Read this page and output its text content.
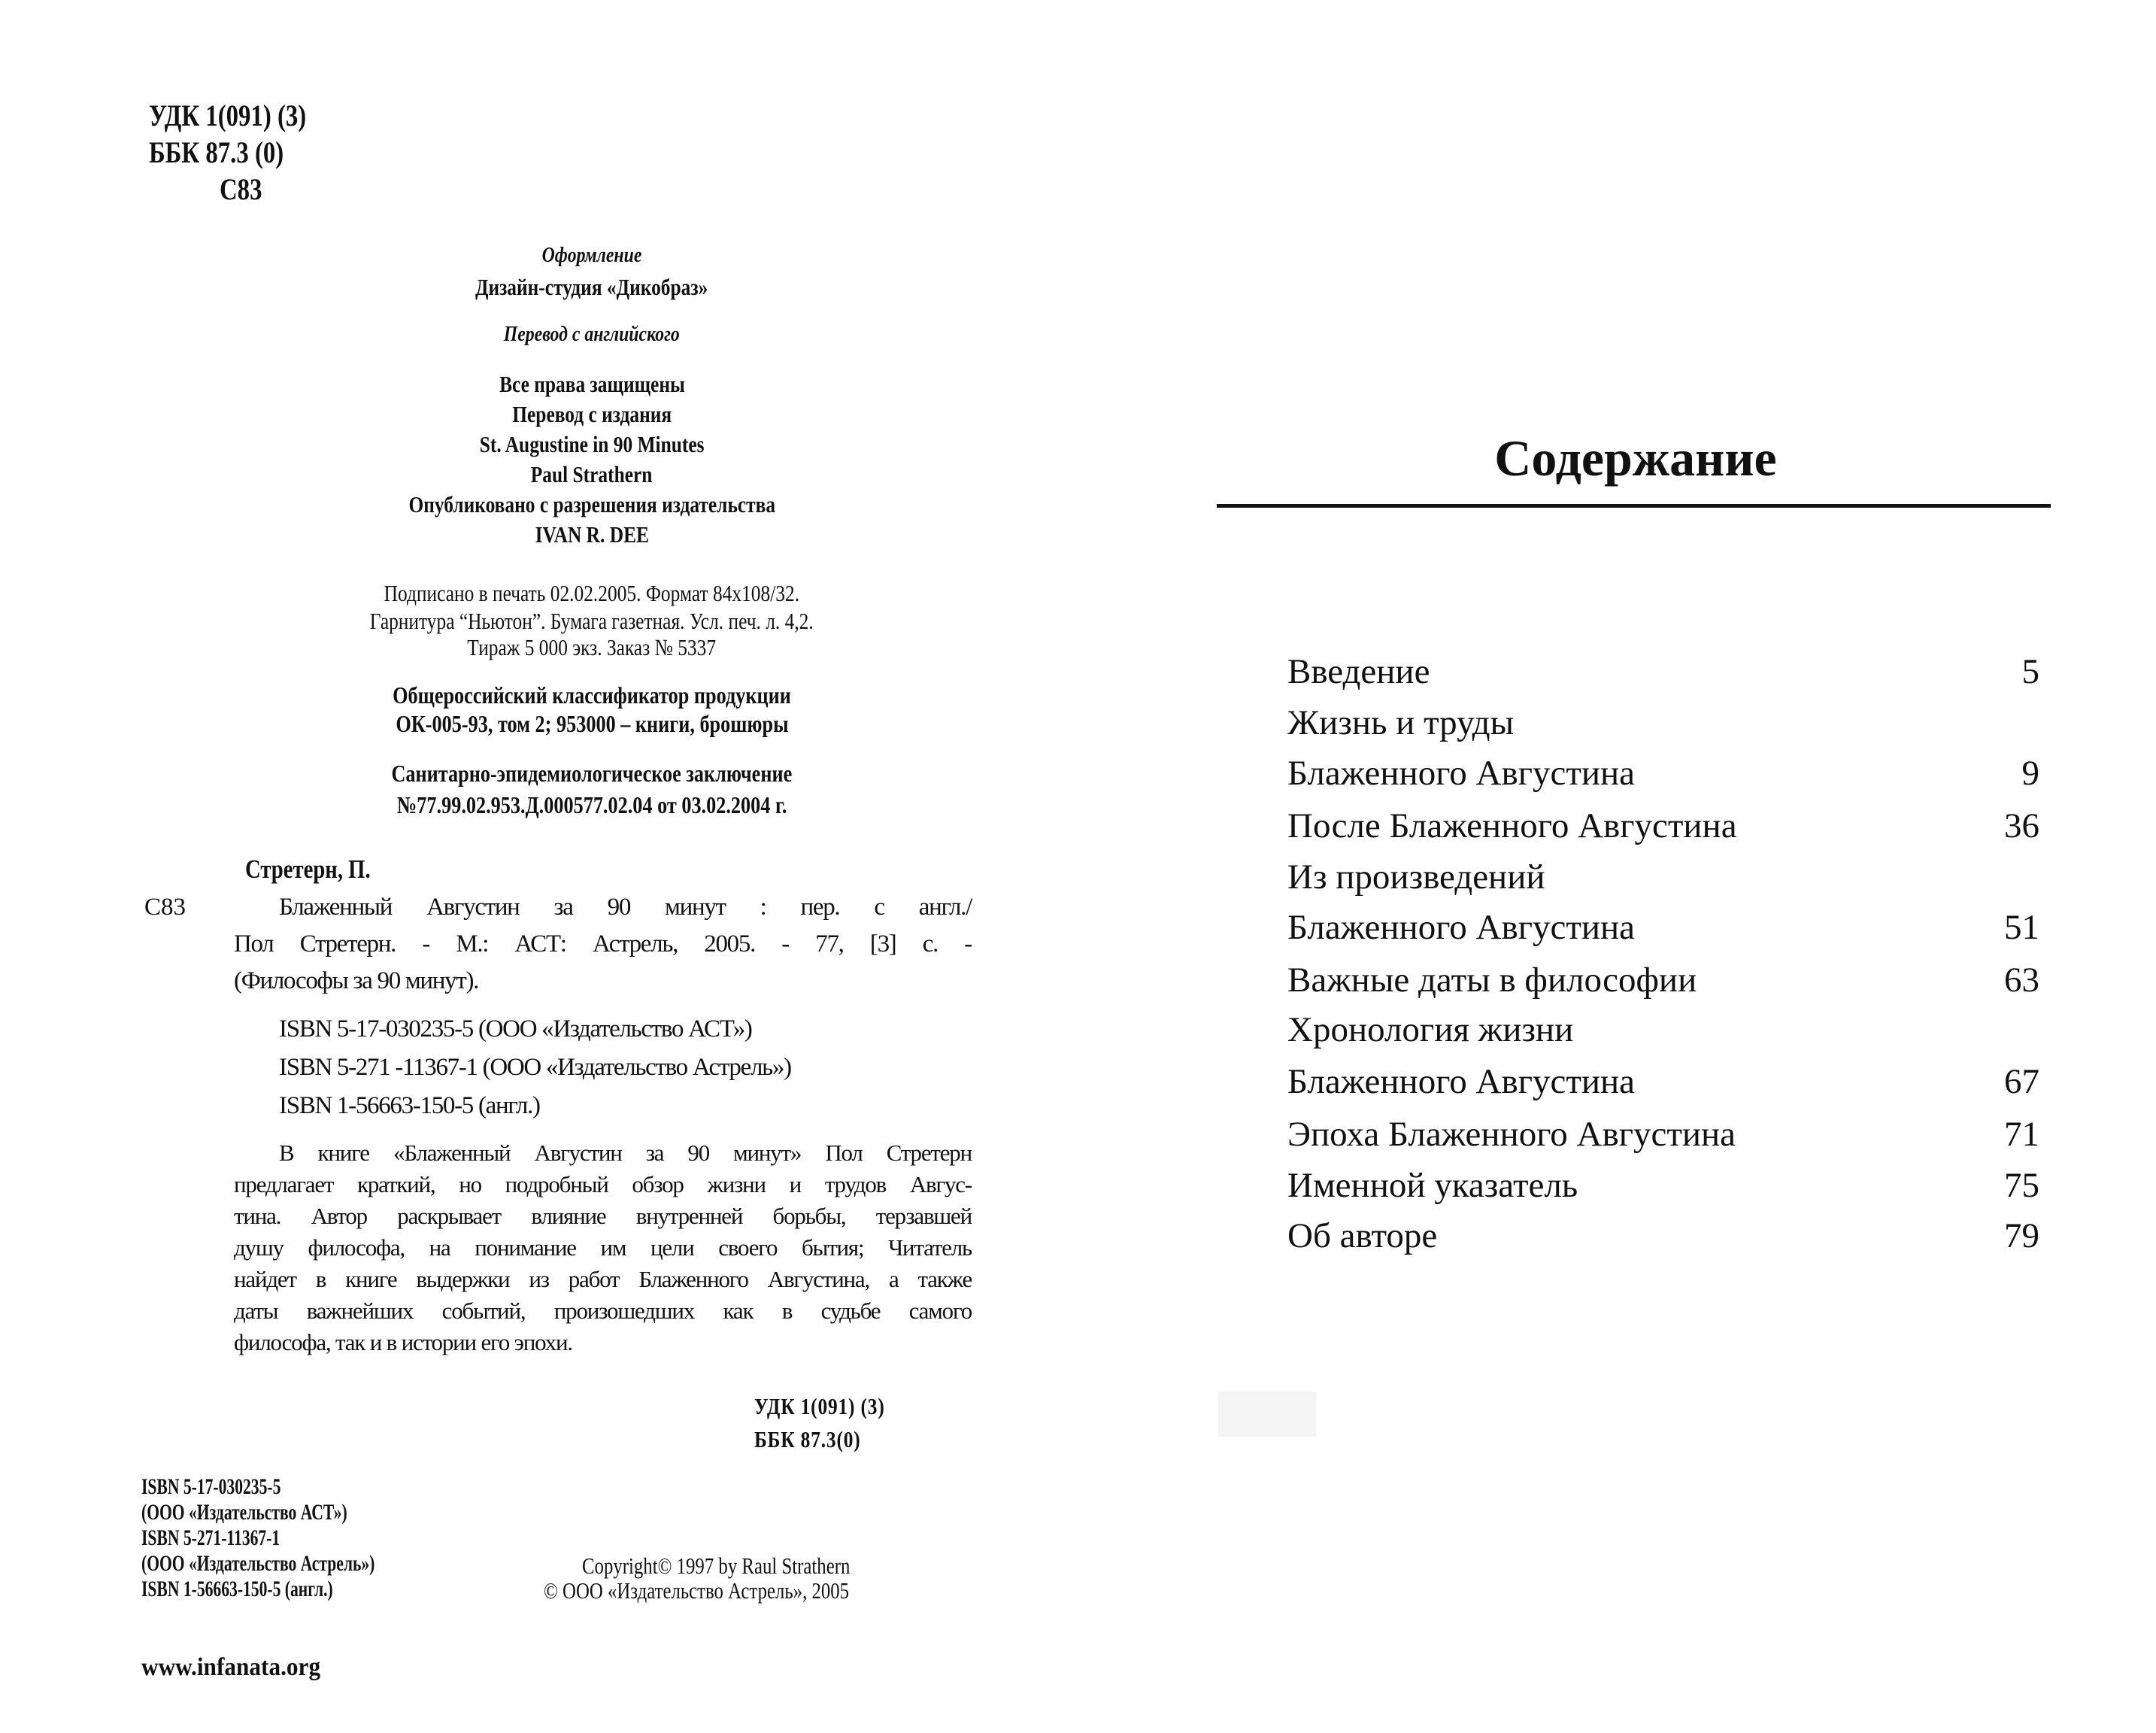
УДК 1(091) (3)
ББК 87.3 (0)
С83
Оформление
Дизайн-студия «Дикобраз»
Перевод с английского
Все права защищены
Перевод с издания
St. Augustine in 90 Minutes
Paul Strathern
Опубликовано с разрешения издательства
IVAN R. DEE
Подписано в печать 02.02.2005. Формат 84x108/32.
Гарнитура “Ньютон”. Бумага газетная. Усл. печ. л. 4,2.
Тираж 5 000 экз. Заказ № 5337
Общероссийский классификатор продукции
ОК-005-93, том 2; 953000 – книги, брошюры
Санитарно-эпидемиологическое заключение
№77.99.02.953.Д.000577.02.04 от 03.02.2004 г.
Стретерн, П.
С83	Блаженный Августин за 90 минут : пер. с англ./
Пол Стретерн. - М.: АСТ: Астрель, 2005. - 77, [3] с. -
(Философы за 90 минут).
ISBN 5-17-030235-5 (ООО «Издательство АСТ»)
ISBN 5-271 -11367-1 (ООО «Издательство Астрель»)
ISBN 1-56663-150-5 (англ.)
В книге «Блаженный Августин за 90 минут» Пол Стретерн
предлагает краткий, но подробный обзор жизни и трудов Авгус-
тина. Автор раскрывает влияние внутренней борьбы, терзавшей
душу философа, на понимание им цели своего бытия; Читатель
найдет в книге выдержки из работ Блаженного Августина, а также
даты важнейших событий, произошедших как в судьбе самого
философа, так и в истории его эпохи.
УДК 1(091) (3)
ББК 87.3(0)
ISBN 5-17-030235-5
(ООО «Издательство АСТ»)
ISBN 5-271-11367-1
(ООО «Издательство Астрель»)
ISBN 1-56663-150-5 (англ.)
Copyright© 1997 by Raul Strathern
© ООО «Издательство Астрель», 2005
www.infanata.org
Содержание
Введение	5
Жизнь и труды
Блаженного Августина	9
После Блаженного Августина	36
Из произведений
Блаженного Августина	51
Важные даты в философии	63
Хронология жизни
Блаженного Августина	67
Эпоха Блаженного Августина	71
Именной указатель	75
Об авторе	79
